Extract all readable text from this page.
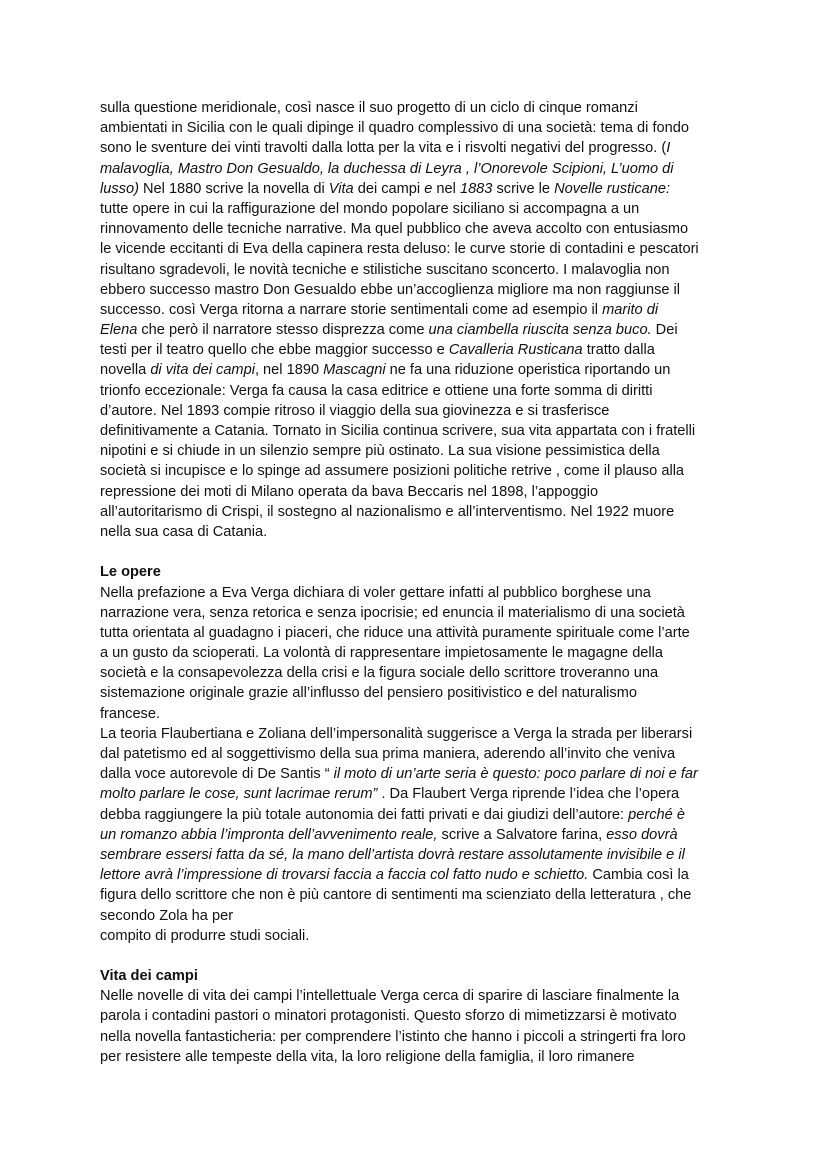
sulla questione meridionale, così nasce il suo progetto di un ciclo di cinque romanzi
ambientati in Sicilia con le quali dipinge il quadro complessivo di una società: tema di fondo
sono le sventure dei vinti travolti dalla lotta per la vita e i risvolti negativi del progresso. (I
malavoglia, Mastro Don Gesualdo, la duchessa di Leyra , l’Onorevole Scipioni, L’uomo di
lusso) Nel 1880 scrive la novella di Vita dei campi e nel 1883 scrive le Novelle rusticane:
tutte opere in cui la raffigurazione del mondo popolare siciliano si accompagna a un
rinnovamento delle tecniche narrative. Ma quel pubblico che aveva accolto con entusiasmo
le vicende eccitanti di Eva della capinera resta deluso: le curve storie di contadini e pescatori
risultano sgradevoli, le novità tecniche e stilistiche suscitano sconcerto. I malavoglia non
ebbero successo mastro Don Gesualdo ebbe un’accoglienza migliore ma non raggiunse il
successo. così Verga ritorna a narrare storie sentimentali come ad esempio il marito di
Elena che però il narratore stesso disprezza come una ciambella riuscita senza buco. Dei
testi per il teatro quello che ebbe maggior successo e Cavalleria Rusticana tratto dalla
novella di vita dei campi, nel 1890 Mascagni ne fa una riduzione operistica riportando un
trionfo eccezionale: Verga fa causa la casa editrice e ottiene una forte somma di diritti
d’autore. Nel 1893 compie ritroso il viaggio della sua giovinezza e si trasferisce
definitivamente a Catania. Tornato in Sicilia continua scrivere, sua vita appartata con i fratelli
nipotini e si chiude in un silenzio sempre più ostinato. La sua visione pessimistica della
società si incupisce e lo spinge ad assumere posizioni politiche retrive , come il plauso alla
repressione dei moti di Milano operata da bava Beccaris nel 1898, l’appoggio
all’autoritarismo di Crispi, il sostegno al nazionalismo e all’interventismo. Nel 1922 muore
nella sua casa di Catania.
Le opere
Nella prefazione a Eva Verga dichiara di voler gettare infatti al pubblico borghese una
narrazione vera, senza retorica e senza ipocrisie; ed enuncia il materialismo di una società
tutta orientata al guadagno i piaceri, che riduce una attività puramente spirituale come l’arte
a un gusto da scioperati. La volontà di rappresentare impietosamente le magagne della
società e la consapevolezza della crisi e la figura sociale dello scrittore troveranno una
sistemazione originale grazie all’influsso del pensiero positivistico e del naturalismo
francese.
La teoria Flaubertiana e Zoliana dell’impersonalità suggerisce a Verga la strada per liberarsi
dal patetismo ed al soggettivismo della sua prima maniera, aderendo all’invito che veniva
dalla voce autorevole di De Santis “ il moto di un’arte seria è questo: poco parlare di noi e far
molto parlare le cose, sunt lacrimae rerum” . Da Flaubert Verga riprende l’idea che l’opera
debba raggiungere la più totale autonomia dei fatti privati e dai giudizi dell’autore: perché è
un romanzo abbia l’impronta dell’avvenimento reale, scrive a Salvatore farina, esso dovrà
sembrare essersi fatta da sé, la mano dell’artista dovrà restare assolutamente invisibile e il
lettore avrà l’impressione di trovarsi faccia a faccia col fatto nudo e schietto. Cambia così la
figura dello scrittore che non è più cantore di sentimenti ma scienziato della letteratura , che
secondo Zola ha per
compito di produrre studi sociali.
Vita dei campi
Nelle novelle di vita dei campi l’intellettuale Verga cerca di sparire di lasciare finalmente la
parola i contadini pastori o minatori protagonisti. Questo sforzo di mimetizzarsi è motivato
nella novella fantasticheria: per comprendere l’istinto che hanno i piccoli a stringerti fra loro
per resistere alle tempeste della vita, la loro religione della famiglia, il loro rimanere
